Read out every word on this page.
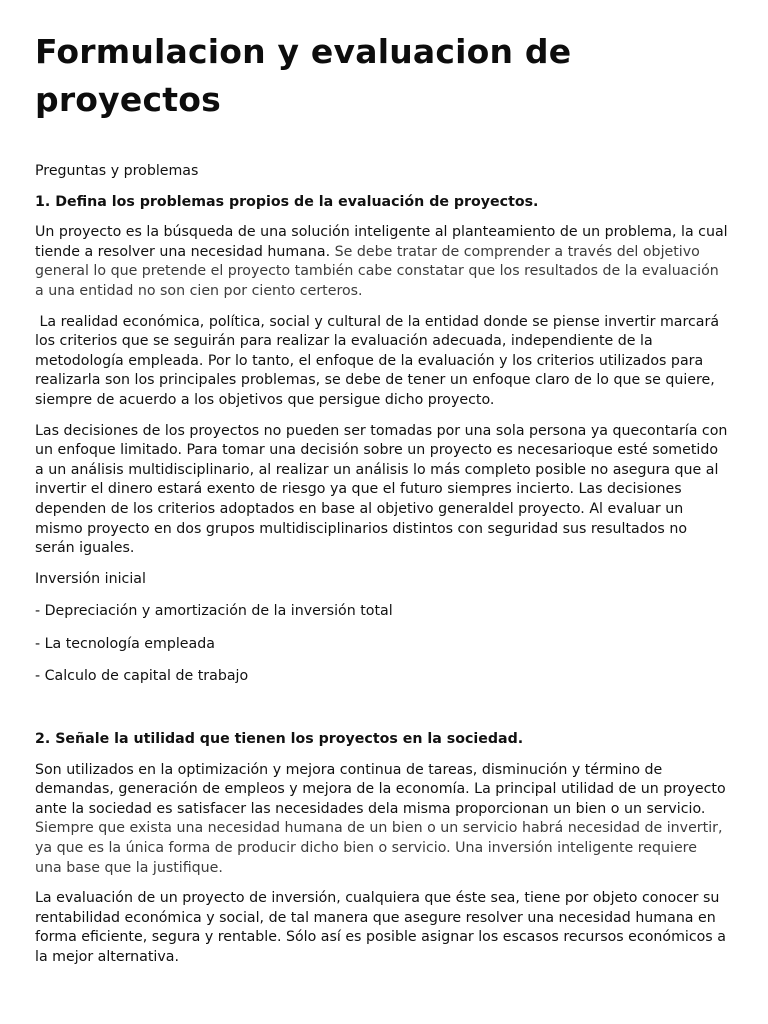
Formulacion y evaluacion de proyectos

Preguntas y problemas

1. Defina los problemas propios de la evaluación de proyectos.

Un proyecto es la búsqueda de una solución inteligente al planteamiento de un problema, la cual tiende a resolver una necesidad humana. Se debe tratar de comprender a través del objetivo general lo que pretende el proyecto también cabe constatar que los resultados de la evaluación a una entidad no son cien por ciento certeros.

La realidad económica, política, social y cultural de la entidad donde se piense invertir marcará los criterios que se seguirán para realizar la evaluación adecuada, independiente de la metodología empleada. Por lo tanto, el enfoque de la evaluación y los criterios utilizados para realizarla son los principales problemas, se debe de tener un enfoque claro de lo que se quiere, siempre de acuerdo a los objetivos que persigue dicho proyecto.

Las decisiones de los proyectos no pueden ser tomadas por una sola persona ya quecontaría con un enfoque limitado. Para tomar una decisión sobre un proyecto es necesarioque esté sometido a un análisis multidisciplinario, al realizar un análisis lo más completo posible no asegura que al invertir el dinero estará exento de riesgo ya que el futuro siempres incierto. Las decisiones dependen de los criterios adoptados en base al objetivo generaldel proyecto. Al evaluar un mismo proyecto en dos grupos multidisciplinarios distintos con seguridad sus resultados no serán iguales.

Inversión inicial

- Depreciación y amortización de la inversión total

- La tecnología empleada

- Calculo de capital de trabajo

2. Señale la utilidad que tienen los proyectos en la sociedad.

Son utilizados en la optimización y mejora continua de tareas, disminución y término de demandas, generación de empleos y mejora de la economía. La principal utilidad de un proyecto ante la sociedad es satisfacer las necesidades dela misma proporcionan un bien o un servicio. Siempre que exista una necesidad humana de un bien o un servicio habrá necesidad de invertir, ya que es la única forma de producir dicho bien o servicio. Una inversión inteligente requiere una base que la justifique.

La evaluación de un proyecto de inversión, cualquiera que éste sea, tiene por objeto conocer su rentabilidad económica y social, de tal manera que asegure resolver una necesidad humana en forma eficiente, segura y rentable. Sólo así es posible asignar los escasos recursos económicos a la mejor alternativa.
